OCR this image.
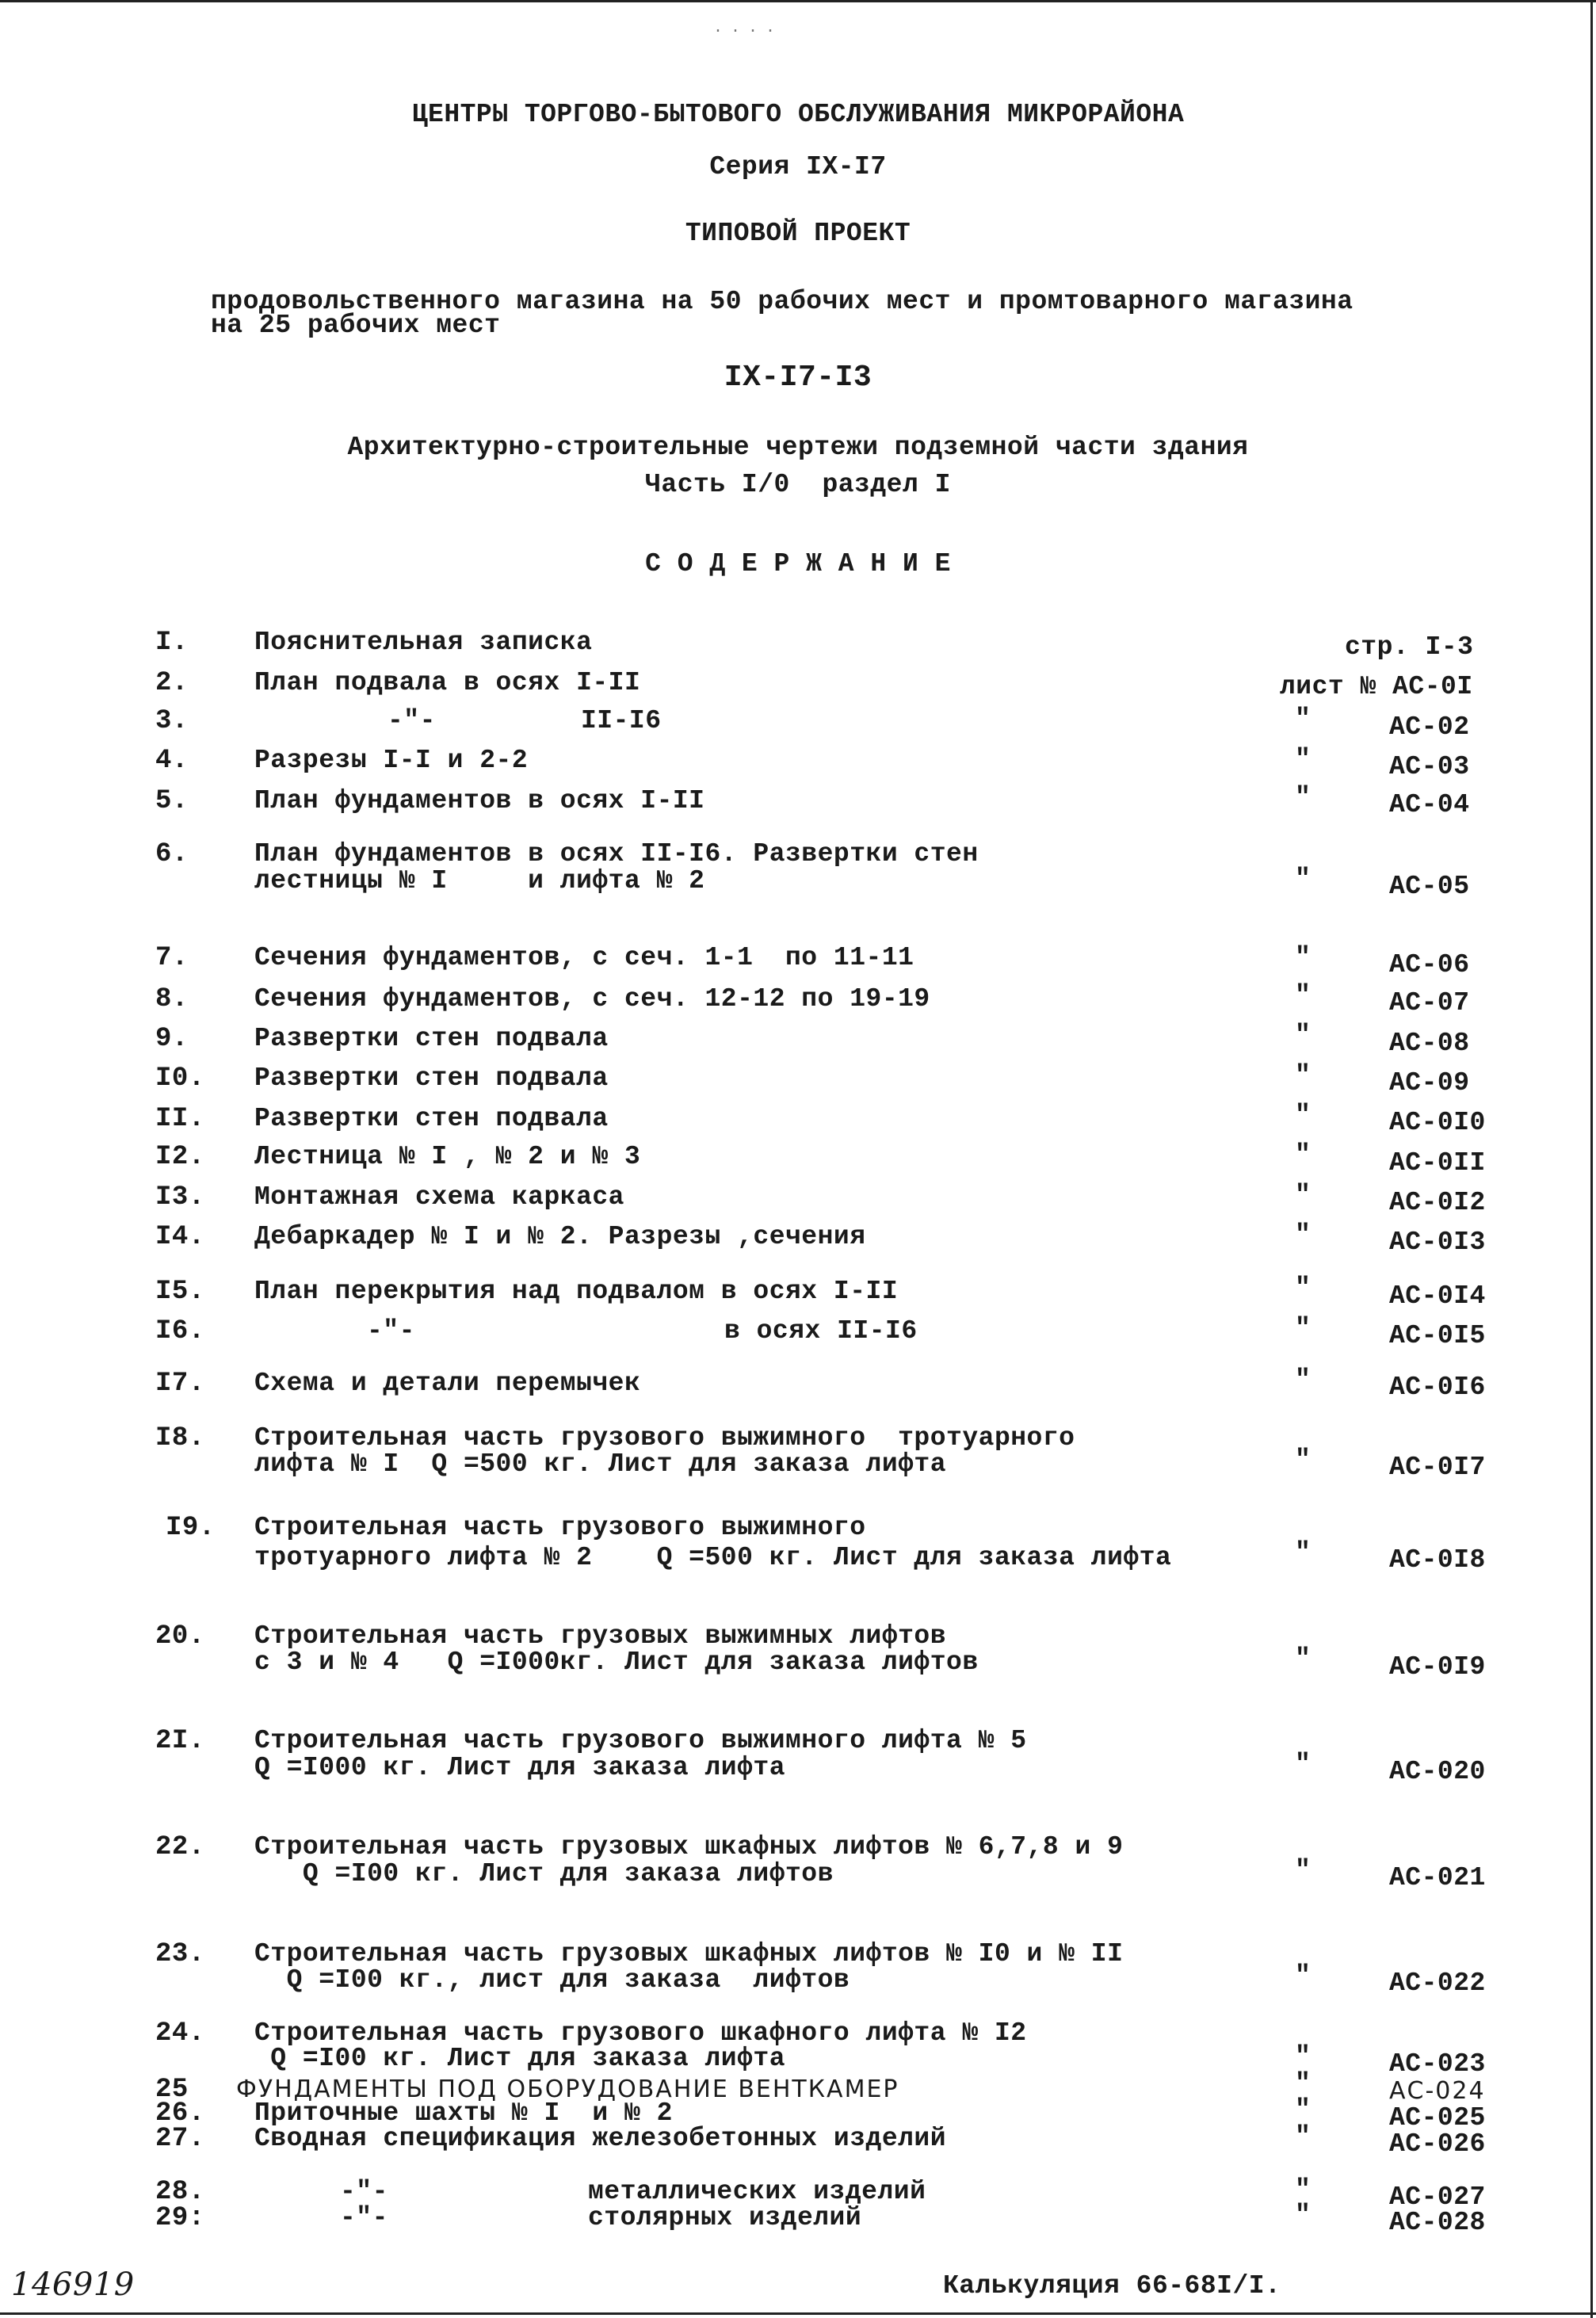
····
ЦЕНТРЫ ТОРГОВО-БЫТОВОГО ОБСЛУЖИВАНИЯ МИКРОРАЙОНА
Серия IX-I7
ТИПОВОЙ ПРОЕКТ
продовольственного магазина на 50 рабочих мест и промтоварного магазина
на 25 рабочих мест
IX-I7-I3
Архитектурно-строительные чертежи подземной части здания
Часть I/0  раздел I
С О Д Е Р Ж А Н И Е
I.	Пояснительная записка	стр. I-3
2.	План подвала в осях I-II	лист № АС-0I
3.	-"-	II-I6	"	АС-02
4.	Разрезы I-I и 2-2	"	АС-03
5.	План фундаментов в осях I-II	"	АС-04
6.	План фундаментов в осях II-I6. Развертки стен
лестницы № I     и лифта № 2	"	АС-05
7.	Сечения фундаментов, с сеч. 1-1  по 11-11	"	АС-06
8.	Сечения фундаментов, с сеч. 12-12 по 19-19	"	АС-07
9.	Развертки стен подвала	"	АС-08
I0. Развертки стен подвала	"	АС-09
II. Развертки стен подвала	"	АС-0I0
I2. Лестница № I , № 2 и № 3	"	АС-0II
I3. Монтажная схема каркаса	"	АС-0I2
I4. Дебаркадер № I и № 2. Разрезы ,сечения	"	АС-0I3
I5. План перекрытия над подвалом в осях I-II	"	АС-0I4
I6.	-"-	в осях II-I6	"	АС-0I5
I7. Схема и детали перемычек	"	АС-0I6
I8. Строительная часть грузового выжимного  тротуарного
лифта № I  Q =500 кг. Лист для заказа лифта	"	АС-0I7
I9. Строительная часть грузового выжимного
тротуарного лифта № 2    Q =500 кг. Лист для заказа лифта	"	АС-0I8
20. Строительная часть грузовых выжимных лифтов
с 3 и № 4   Q =I000кг. Лист для заказа лифтов	"	АС-0I9
2I. Строительная часть грузового выжимного лифта № 5
Q =I000 кг. Лист для заказа лифта	"	АС-020
22. Строительная часть грузовых шкафных лифтов № 6,7,8 и 9
Q =I00 кг. Лист для заказа лифтов	"	АС-021
23. Строительная часть грузовых шкафных лифтов № I0 и № II
Q =I00 кг., лист для заказа  лифтов	"	АС-022
24. Строительная часть грузового шкафного лифта № I2
Q =I00 кг. Лист для заказа лифта	"	АС-023
25 ФУНДАМЕНТЫ ПОД ОБОРУДОВАНИЕ ВЕНТКАМЕР	"	АС-024
26. Приточные шахты № I  и № 2	"	АС-025
27. Сводная спецификация железобетонных изделий	"	АС-026
28.	-"-	металлических изделий	"	АС-027
29:	-"-	столярных изделий	"	АС-028
Калькуляция 66-68I/I.
146919
